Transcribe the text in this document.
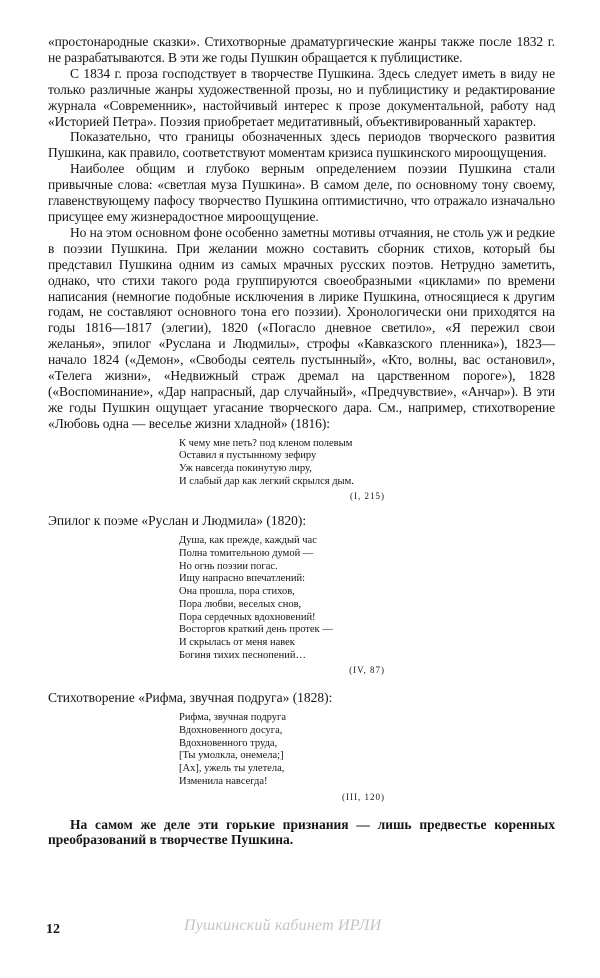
«простонародные сказки». Стихотворные драматургические жанры также после 1832 г. не разрабатываются. В эти же годы Пушкин обращается к публицистике.

С 1834 г. проза господствует в творчестве Пушкина. Здесь следует иметь в виду не только различные жанры художественной прозы, но и публицистику и редактирование журнала «Современник», настойчивый интерес к прозе документальной, работу над «Историей Петра». Поэзия приобретает медитативный, объективированный характер.

Показательно, что границы обозначенных здесь периодов творческого развития Пушкина, как правило, соответствуют моментам кризиса пушкинского мироощущения.

Наиболее общим и глубоко верным определением поэзии Пушкина стали привычные слова: «светлая муза Пушкина». В самом деле, по основному тону своему, главенствующему пафосу творчество Пушкина оптимистично, что отражало изначально присущее ему жизнерадостное мироощущение.

Но на этом основном фоне особенно заметны мотивы отчаяния, не столь уж и редкие в поэзии Пушкина. При желании можно составить сборник стихов, который бы представил Пушкина одним из самых мрачных русских поэтов. Нетрудно заметить, однако, что стихи такого рода группируются своеобразными «циклами» по времени написания (немногие подобные исключения в лирике Пушкина, относящиеся к другим годам, не составляют основного тона его поэзии). Хронологически они приходятся на годы 1816—1817 (элегии), 1820 («Погасло дневное светило», «Я пережил свои желанья», эпилог «Руслана и Людмилы», строфы «Кавказского пленника»), 1823—начало 1824 («Демон», «Свободы сеятель пустынный», «Кто, волны, вас остановил», «Телега жизни», «Недвижный страж дремал на царственном пороге»), 1828 («Воспоминание», «Дар напрасный, дар случайный», «Предчувствие», «Анчар»). В эти же годы Пушкин ощущает угасание творческого дара. См., например, стихотворение «Любовь одна — веселье жизни хладной» (1816):

К чему мне петь? под кленом полевым
Оставил я пустынному зефиру
Уж навсегда покинутую лиру,
И слабый дар как легкий скрылся дым.

(I, 215)

Эпилог к поэме «Руслан и Людмила» (1820):

Душа, как прежде, каждый час
Полна томительною думой —
Но огнь поэзии погас.
Ищу напрасно впечатлений:
Она прошла, пора стихов,
Пора любви, веселых снов,
Пора сердечных вдохновений!
Восторгов краткий день протек —
И скрылась от меня навек
Богиня тихих песнопений…

(IV, 87)

Стихотворение «Рифма, звучная подруга» (1828):

Рифма, звучная подруга
Вдохновенного досуга,
Вдохновенного труда,
[Ты умолкла, онемела;]
[Ах], ужель ты улетела,
Изменила навсегда!

(III, 120)

На самом же деле эти горькие признания — лишь предвестье коренных преобразований в творчестве Пушкина.

12	Пушкинский кабинет ИРЛИ
